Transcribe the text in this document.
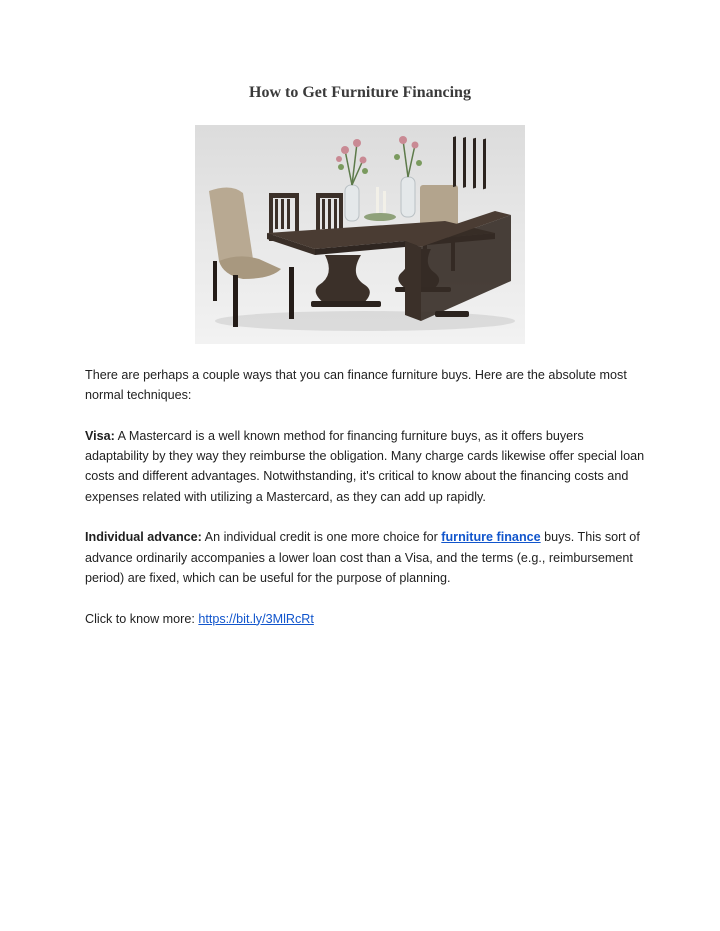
How to Get Furniture Financing

There are perhaps a couple ways that you can finance furniture buys. Here are the absolute most normal techniques:

Visa: A Mastercard is a well known method for financing furniture buys, as it offers buyers adaptability by they way they reimburse the obligation. Many charge cards likewise offer special loan costs and different advantages. Notwithstanding, it's critical to know about the financing costs and expenses related with utilizing a Mastercard, as they can add up rapidly.

Individual advance: An individual credit is one more choice for furniture finance buys. This sort of advance ordinarily accompanies a lower loan cost than a Visa, and the terms (e.g., reimbursement period) are fixed, which can be useful for the purpose of planning.

Click to know more: https://bit.ly/3MlRcRt
